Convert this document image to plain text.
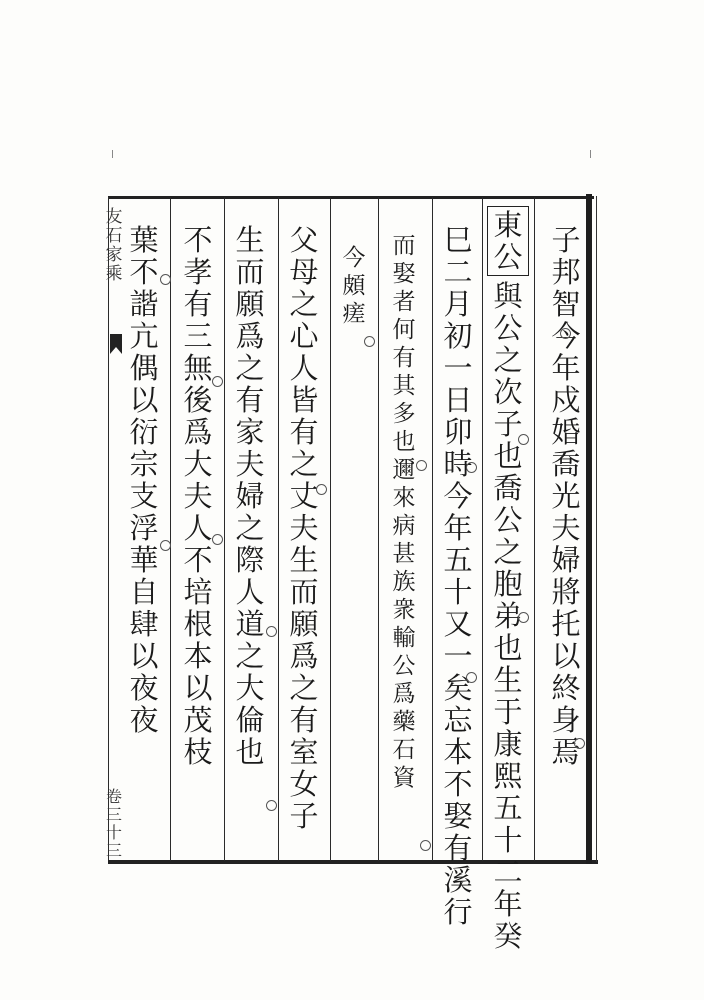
友
石
家
乘
卷
三
十
三
子
邦
智
今
年
戍
婚
喬
光
夫
婦
將
托
以
終
身
焉
東
公
與
公
之
次
子
也
喬
公
之
胞
弟
也
生
于
康
熙
五
十
二
年
癸
巳
二
月
初
一
日
卯
時
今
年
五
十
又
一
矣
忘
本
不
娶
有
溪
行
而
娶
者
何
有
其
多
也
邇
來
病
甚
族
衆
輸
公
爲
藥
石
資
今
頗
瘥
父
母
之
心
人
皆
有
之
丈
夫
生
而
願
爲
之
有
室
女
子
生
而
願
爲
之
有
家
夫
婦
之
際
人
道
之
大
倫
也
不
孝
有
三
無
後
爲
大
夫
人
不
培
根
本
以
茂
枝
葉
不
諧
亢
偶
以
衍
宗
支
浮
華
自
肆
以
夜
夜
